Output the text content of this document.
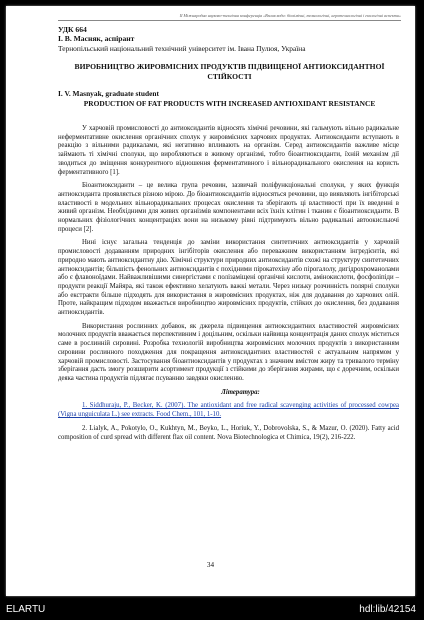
II Міжнародна науково-технічна конференція «Вплив води: біохімічні, технологічні, агротехнологічні і екологічні аспекти»
УДК 664
І. В. Масняк, аспірант
Тернопільський національний технічний університет ім. Івана Пулюя, Україна
ВИРОБНИЦТВО ЖИРОВМІСНИХ ПРОДУКТІВ ПІДВИЩЕНОЇ АНТИОКСИДАНТНОЇ СТІЙКОСТІ
I. V. Masnyak, graduate student
PRODUCTION OF FAT PRODUCTS WITH INCREASED ANTIOXIDANT RESISTANCE

У харчовій промисловості до антиоксидантів відносять хімічні речовини, які гальмують вільно радикальне неферментативне окислення органічних сполук у жировмісних харчових продуктах. Антиоксиданти вступають в реакцію з вільними радикалами, які негативно впливають на організм. Серед антиоксидантів важливе місце займають ті хімічні сполуки, що виробляються в живому організмі, тобто біоантиоксиданти, їхній механізм дії зводиться до зміщення конкурентного відношення ферментативного і вільнорадикального окислення на користь ферментативного [1].

Біоантиоксиданти – це велика група речовин, зазвичай поліфункціональні сполуки, у яких функція антиоксиданта проявляється різною мірою. До біоантиоксидантів відносяться речовини, що виявляють інгібіторські властивості в модельних вільнорадикальних процесах окислення та зберігають ці властивості при їх введенні в живий організм. Необхідними для живих організмів компонентами всіх їхніх клітин і тканин є біоантиоксиданти. В нормальних фізіологічних концентраціях вони на низькому рівні підтримують вільно радикальні автоокисльючі процеси [2].

Нині існує загальна тенденція до заміни використання синтетичних антиоксидантів у харчовій промисловості додаванням природних інгібіторів окислення або переважним використанням інгредієнтів, які природно мають антиоксидантну дію. Хімічні структури природних антиоксидантів схожі на структуру синтетичних антиоксидантів; більшість фенольних антиоксидантів є похідними пірокатехіну або пірогалолу, дигідрохроманолами або є флавоноїдами. Найважливішими синергістами є полізаміщені органічні кислоти, амінокислоти, фосфоліпіди – продукти реакції Майяра, які також ефективно хелатують важкі метали. Через низьку розчинність полярні сполуки або екстракти більше підходять для використання в жировмісних продуктах, ніж для додавання до харчових олій. Проте, найкращим підходом вважається виробництво жировмісних продуктів, стійких до окислення, без додавання антиоксидантів.

Використання рослинних добавок, як джерела підвищення антиоксидантних властивостей жировмісних молочних продуктів вважається перспективним і доцільним, оскільки найвища концентрація даних сполук міститься саме в рослинній сировині. Розробка технологій виробництва жировмісних молочних продуктів з використанням сировини рослинного походження для покращення антиоксидантних властивостей є актуальним напрямом у харчовій промисловості. Застосування біоантиоксидантів у продуктах з значним вмістом жиру та тривалого терміну зберігання дасть змогу розширити асортимент продукції з стійкими до зберігання жирами, що є доречним, оскільки деяка частина продуктів підлягає псуванню завдяки окисленню.

Література:

1. Siddhuraju, P., Becker, K. (2007). The antioxidant and free radical scavenging activities of processed cowpea (Vigna unguiculata L.) see extracts. Food Chem., 101, 1-10.

2. Lialyk, A., Pokotylo, O., Kukhtyn, M., Beyko, L., Horiuk, Y., Dobrovolska, S., & Mazur, O. (2020). Fatty acid composition of curd spread with different flax oil content. Nova Biotechnologica et Chimica, 19(2), 216-222.

34
ELARTU	hdl:lib/42154
